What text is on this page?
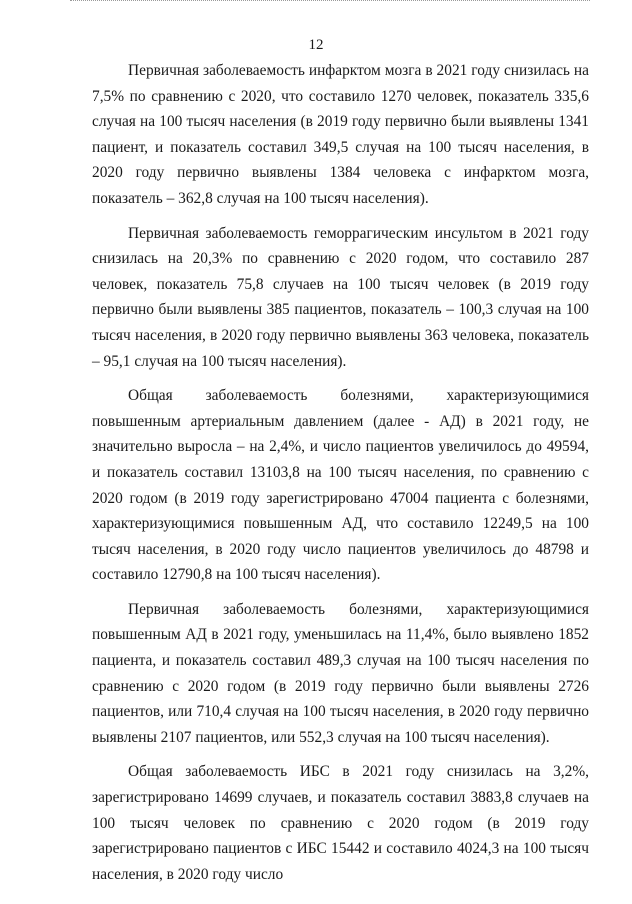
12

Первичная заболеваемость инфарктом мозга в 2021 году снизилась на 7,5% по сравнению с 2020, что составило 1270 человек, показатель 335,6 случая на 100 тысяч населения (в 2019 году первично были выявлены 1341 пациент, и показатель составил 349,5 случая на 100 тысяч населения, в 2020 году первично выявлены 1384 человека с инфарктом мозга, показатель – 362,8 случая на 100 тысяч населения).

Первичная заболеваемость геморрагическим инсультом в 2021 году снизилась на 20,3% по сравнению с 2020 годом, что составило 287 человек, показатель 75,8 случаев на 100 тысяч человек (в 2019 году первично были выявлены 385 пациентов, показатель – 100,3 случая на 100 тысяч населения, в 2020 году первично выявлены 363 человека, показатель – 95,1 случая на 100 тысяч населения).

Общая заболеваемость болезнями, характеризующимися повышенным артериальным давлением (далее - АД) в 2021 году, не значительно выросла – на 2,4%, и число пациентов увеличилось до 49594, и показатель составил 13103,8 на 100 тысяч населения, по сравнению с 2020 годом (в 2019 году зарегистрировано 47004 пациента с болезнями, характеризующимися повышенным АД, что составило 12249,5 на 100 тысяч населения, в 2020 году число пациентов увеличилось до 48798 и составило 12790,8 на 100 тысяч населения).

Первичная заболеваемость болезнями, характеризующимися повышенным АД в 2021 году, уменьшилась на 11,4%, было выявлено 1852 пациента, и показатель составил 489,3 случая на 100 тысяч населения по сравнению с 2020 годом (в 2019 году первично были выявлены 2726 пациентов, или 710,4 случая на 100 тысяч населения, в 2020 году первично выявлены 2107 пациентов, или 552,3 случая на 100 тысяч населения).

Общая заболеваемость ИБС в 2021 году снизилась на 3,2%, зарегистрировано 14699 случаев, и показатель составил 3883,8 случаев на 100 тысяч человек по сравнению с 2020 годом (в 2019 году зарегистрировано пациентов с ИБС 15442 и составило 4024,3 на 100 тысяч населения, в 2020 году число
